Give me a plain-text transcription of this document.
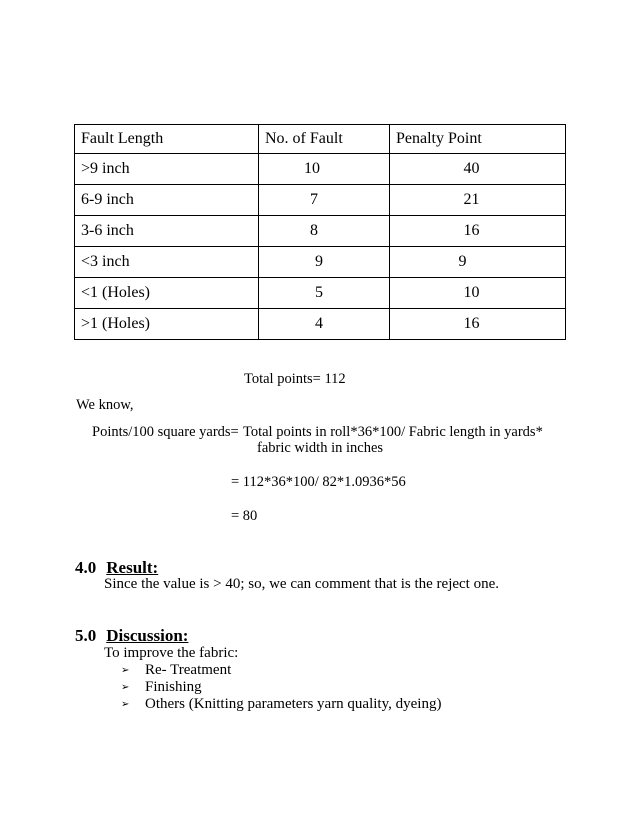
Fault Length	No. of Fault	Penalty Point
>9 inch	10	40

6-9 inch	7	21

3-6 inch	8	16

<3 inch	9	9

<1 (Holes)	5	10

>1 (Holes)	4	16
Total points= 112
We know,
Points/100 square yards= Total points in roll*36*100/ Fabric length in yards*
fabric width in inches
= 112*36*100/ 82*1.0936*56
= 80
4.0 Result:
Since the value is > 40; so, we can comment that is the reject one.
5.0 Discussion:
To improve the fabric:
➢ Re- Treatment
➢ Finishing
➢ Others (Knitting parameters yarn quality, dyeing)
